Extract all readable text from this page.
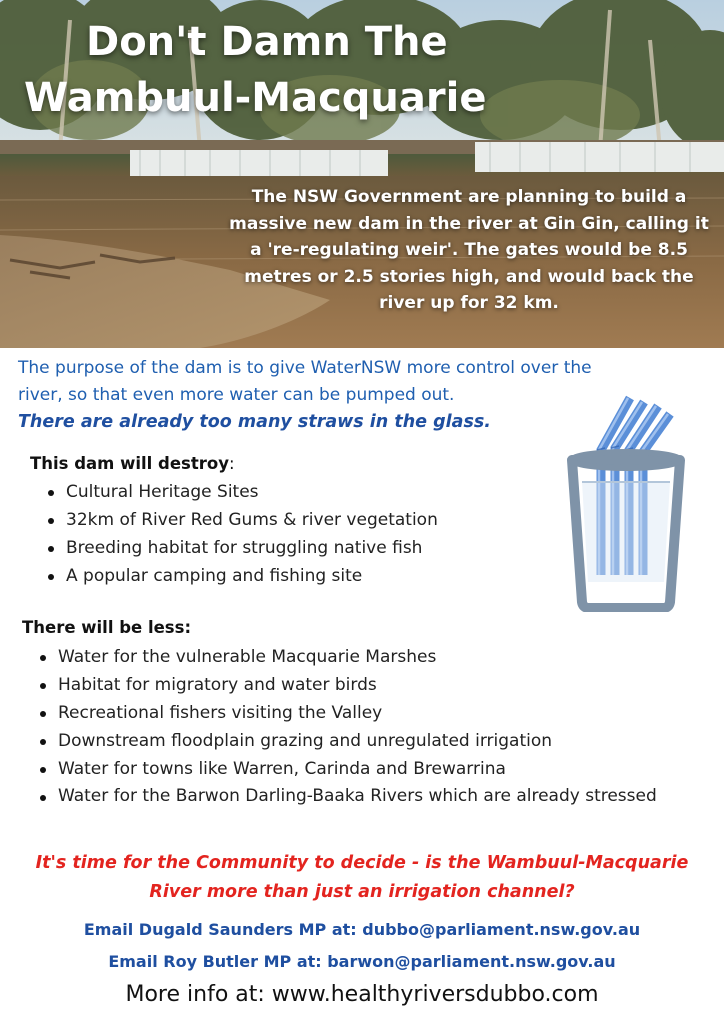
Don't Damn The
Wambuul-Macquarie

The NSW Government are planning to build a massive new dam in the river at Gin Gin, calling it a 're-regulating weir'. The gates would be 8.5 metres or 2.5 stories high, and would back the river up for 32 km.

The purpose of the dam is to give WaterNSW more control over the river, so that even more water can be pumped out.

There are already too many straws in the glass.

This dam will destroy:
Cultural Heritage Sites
32km of River Red Gums & river vegetation
Breeding habitat for struggling native fish
A popular camping and fishing site
There will be less:
Water for the vulnerable Macquarie Marshes
Habitat for migratory and water birds
Recreational fishers visiting the Valley
Downstream floodplain grazing and unregulated irrigation
Water for towns like Warren, Carinda and Brewarrina
Water for the Barwon Darling-Baaka Rivers which are already stressed

It's time for the Community to decide - is the Wambuul-Macquarie River more than just an irrigation channel?

Email Dugald Saunders MP at: dubbo@parliament.nsw.gov.au
Email Roy Butler MP at: barwon@parliament.nsw.gov.au
More info at: www.healthyriversdubbo.com
